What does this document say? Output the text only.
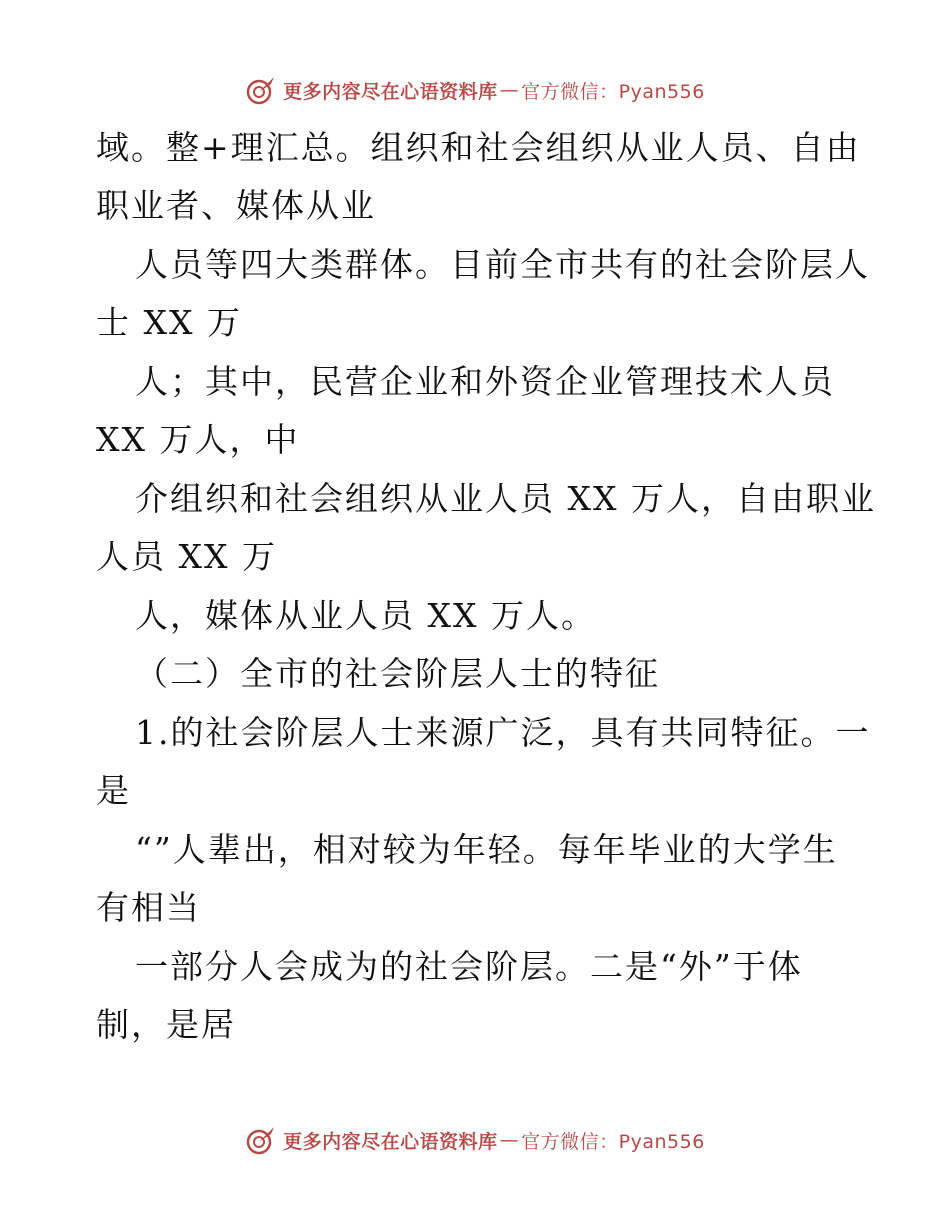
更多内容尽在心语资料库 — 官方微信：Pyan556
域。整+理汇总。组织和社会组织从业人员、自由
职业者、媒体从业
人员等四大类群体。目前全市共有的社会阶层人
士 XX 万
人；其中，民营企业和外资企业管理技术人员
XX 万人，中
介组织和社会组织从业人员 XX 万人，自由职业
人员 XX 万
人，媒体从业人员 XX 万人。
（二）全市的社会阶层人士的特征
1.的社会阶层人士来源广泛，具有共同特征。一
是
“”人辈出，相对较为年轻。每年毕业的大学生
有相当
一部分人会成为的社会阶层。二是“外”于体
制，是居
更多内容尽在心语资料库 — 官方微信：Pyan556
